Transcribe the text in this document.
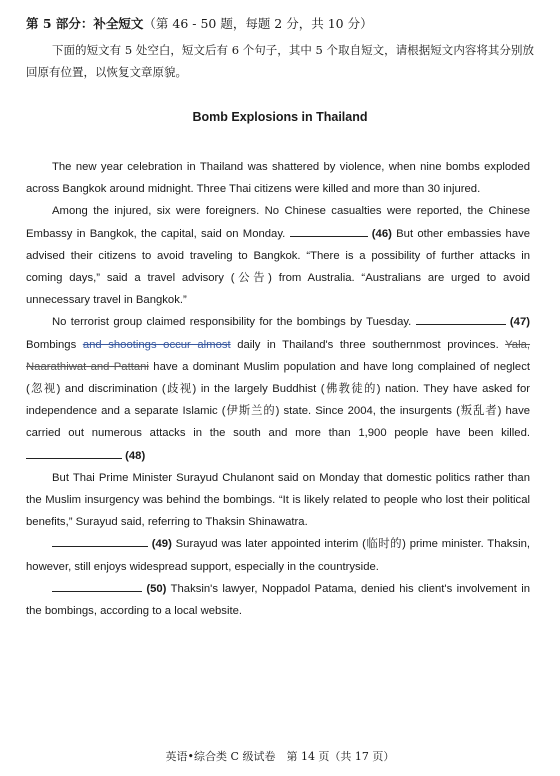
第 5 部分：补全短文（第 46 - 50 题，每题 2 分，共 10 分）
下面的短文有 5 处空白，短文后有 6 个句子，其中 5 个取自短文，请根据短文内容将其分别放回原有位置，以恢复文章原貌。
Bomb Explosions in Thailand

The new year celebration in Thailand was shattered by violence, when nine bombs exploded across Bangkok around midnight. Three Thai citizens were killed and more than 30 injured.

Among the injured, six were foreigners. No Chinese casualties were reported, the Chinese Embassy in Bangkok, the capital, said on Monday.	(46) But other embassies have advised their citizens to avoid traveling to Bangkok. “There is a possibility of further attacks in coming days,” said a travel advisory (公告) from Australia. “Australians are urged to avoid unnecessary travel in Bangkok.”

No terrorist group claimed responsibility for the bombings by Tuesday.	(47) Bombings and shootings occur almost daily in Thailand's three southernmost provinces. Yala, Naarathiwat and Pattani have a dominant Muslim population and have long complained of neglect (忽视) and discrimination (歧视) in the largely Buddhist (佛教徒的) nation. They have asked for independence and a separate Islamic (伊斯兰的) state. Since 2004, the insurgents (叛乱者) have carried out numerous attacks in the south and more than 1,900 people have been killed.  (48)

But Thai Prime Minister Surayud Chulanont said on Monday that domestic politics rather than the Muslim insurgency was behind the bombings. “It is likely related to people who lost their political benefits,” Surayud said, referring to Thaksin Shinawatra.

(49) Surayud was later appointed interim (临时的) prime minister. Thaksin, however, still enjoys widespread support, especially in the countryside.

(50) Thaksin's lawyer, Noppadol Patama, denied his client's involvement in the bombings, according to a local website.

英语•综合类 C 级试卷　第 14 页（共 17 页）
